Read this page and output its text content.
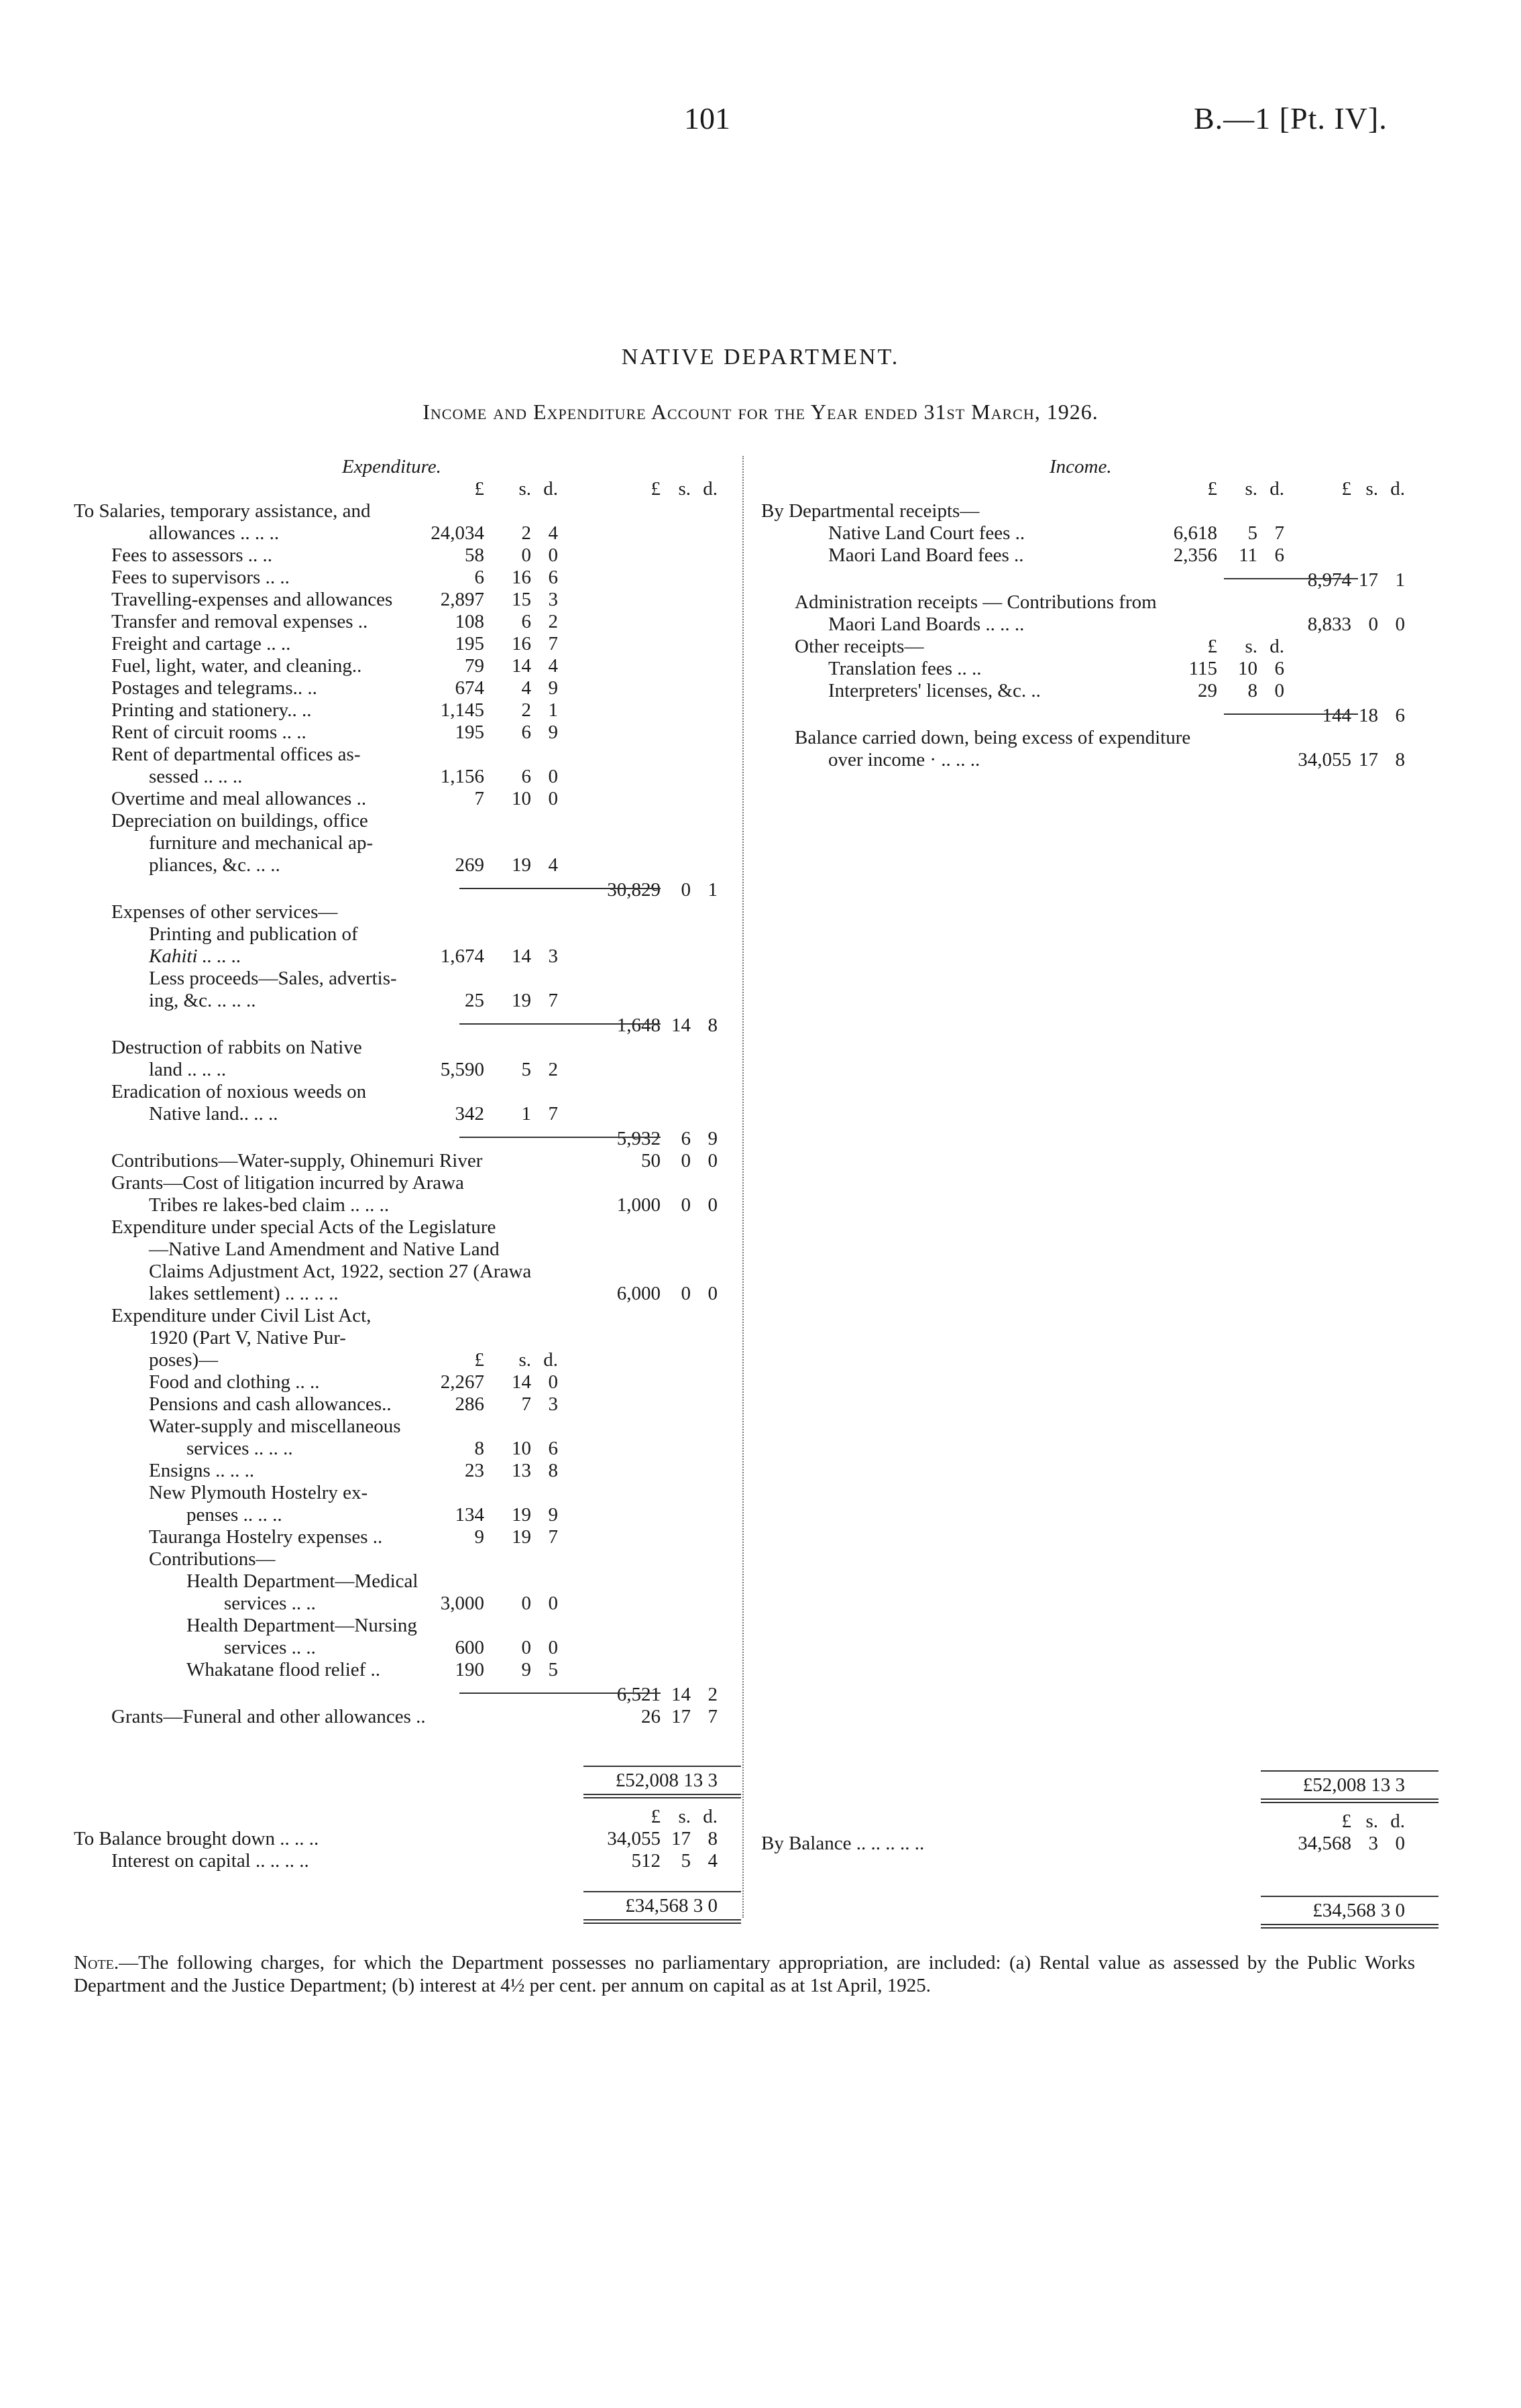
101	B.—1 [Pt. IV].
NATIVE DEPARTMENT.
Income and Expenditure Account for the Year ended 31st March, 1926.
Expenditure.
£	s. d.	£ s. d.
To Salaries, temporary assistance, and
allowances .. .. ..	24,034	2 4
Fees to assessors .. ..	58	0 0
Fees to supervisors .. ..	6	16 6
Travelling-expenses and allowances	2,897	15 3
Transfer and removal expenses ..	108	6 2
Freight and cartage .. ..	195	16 7
Fuel, light, water, and cleaning..	79	14 4
Postages and telegrams.. ..	674	4 9
Printing and stationery.. ..	1,145	2 1
Rent of circuit rooms .. ..	195	6 9
Rent of departmental offices as-
sessed .. .. ..	1,156	6 0
Overtime and meal allowances ..	7	10 0
Depreciation on buildings, office
furniture and mechanical ap-
pliances, &c. .. ..	269	19 4
30,829	0 1
Expenses of other services—
Printing and publication of
Kahiti .. .. ..	1,674	14 3
Less proceeds—Sales, advertis-
ing, &c. .. .. ..	25	19 7
1,648 14 8
Destruction of rabbits on Native
land .. .. ..	5,590	5 2
Eradication of noxious weeds on
Native land.. .. ..	342	1 7
5,932	6 9
Contributions—Water-supply, Ohinemuri River	50	0 0
Grants—Cost of litigation incurred by Arawa
Tribes re lakes-bed claim .. .. ..	1,000	0 0
Expenditure under special Acts of the Legislature
—Native Land Amendment and Native Land
Claims Adjustment Act, 1922, section 27 (Arawa
lakes settlement) .. .. .. ..	6,000	0 0
Expenditure under Civil List Act,
1920 (Part V, Native Pur-
poses)—	£	s. d.
Food and clothing .. ..	2,267	14 0
Pensions and cash allowances..	286	7 3
Water-supply and miscellaneous
services .. .. ..	8	10 6
Ensigns .. .. ..	23	13 8
New Plymouth Hostelry ex-
penses .. .. ..	134	19 9
Tauranga Hostelry expenses ..	9	19 7
Contributions—
Health Department—Medical
services .. ..	3,000	0 0
Health Department—Nursing
services .. ..	600	0 0
Whakatane flood relief ..	190	9 5
6,521 14 2
Grants—Funeral and other allowances ..	26 17 7
£52,008 13 3
£ s. d.
To Balance brought down .. .. ..	34,055 17 8
Interest on capital .. .. .. ..	512	5 4
£34,568 3 0
Income.
£	s. d.	£ s. d.
By Departmental receipts—
Native Land Court fees ..	6,618	5 7
Maori Land Board fees ..	2,356	11 6
8,974 17 1
Administration receipts — Contributions from
Maori Land Boards .. .. ..	8,833 0 0
Other receipts—	£	s. d.
Translation fees .. ..	115	10 6
Interpreters' licenses, &c. ..	29	8 0
144 18 6
Balance carried down, being excess of expenditure
over income · .. .. ..	34,055 17 8
£52,008 13 3
£ s. d.
By Balance .. .. .. .. ..	34,568 3 0
£34,568 3 0
Note.—The following charges, for which the Department possesses no parliamentary appropriation, are included: (a) Rental value as assessed by the Public Works Department and the Justice Department; (b) interest at 4½ per cent. per annum on capital as at 1st April, 1925.
